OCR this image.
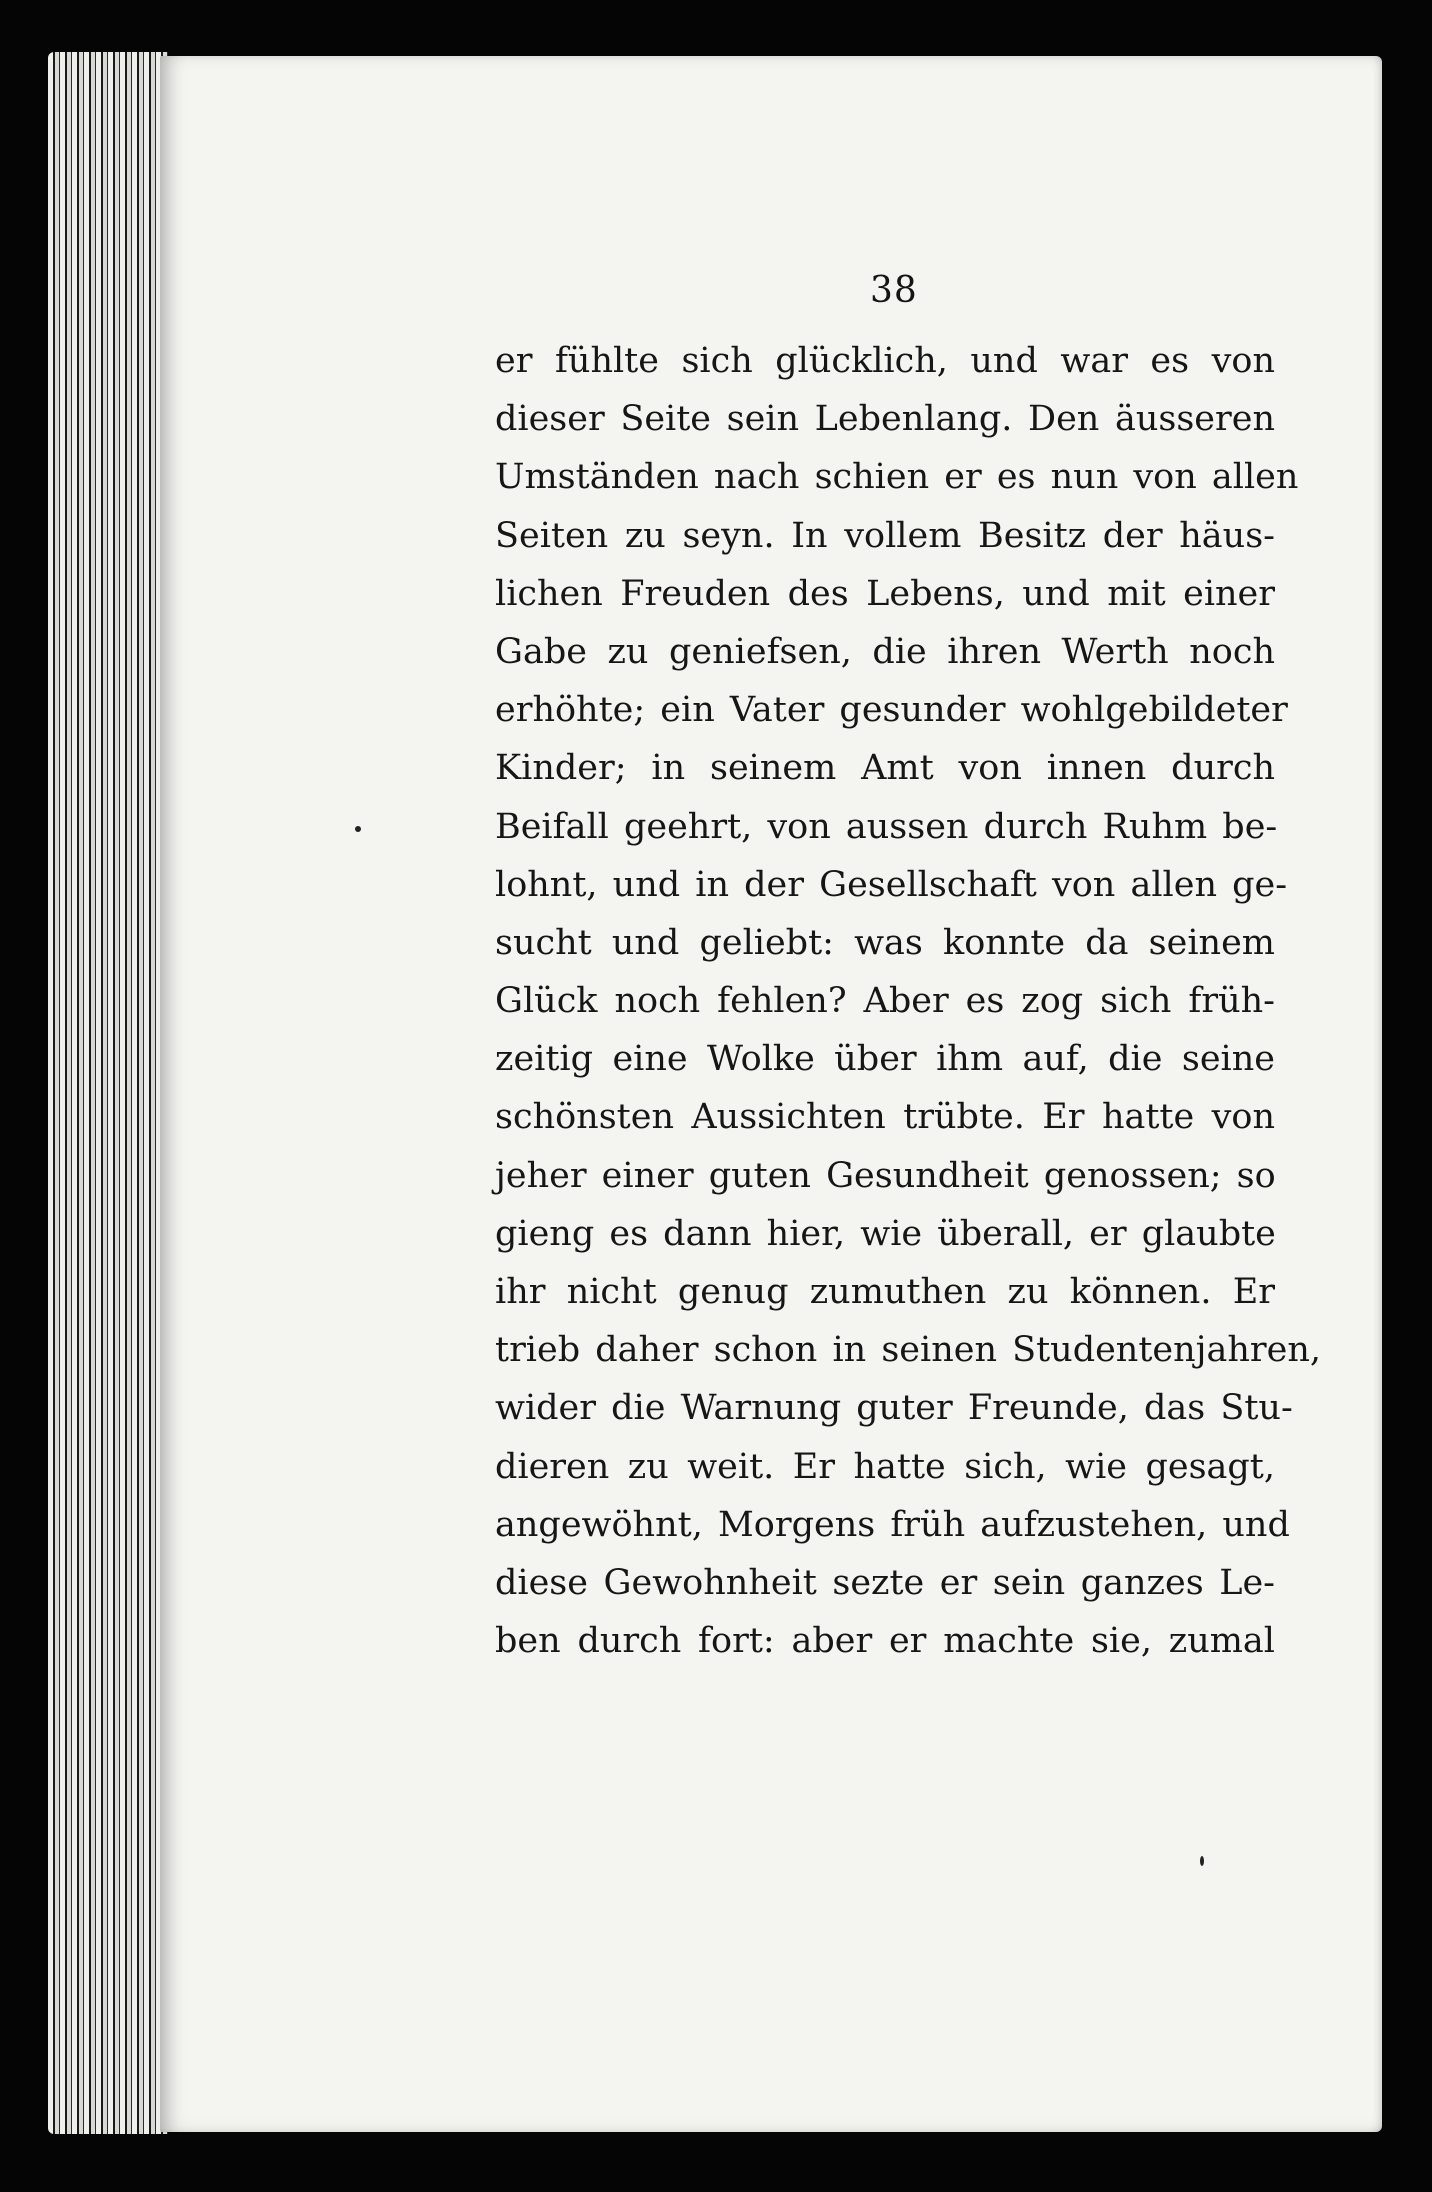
38
er fühlte sich glücklich, und war es von
dieser Seite sein Lebenlang. Den äusseren
Umständen nach schien er es nun von allen
Seiten zu seyn. In vollem Besitz der häus-
lichen Freuden des Lebens, und mit einer
Gabe zu geniefsen, die ihren Werth noch
erhöhte; ein Vater gesunder wohlgebildeter
Kinder; in seinem Amt von innen durch
Beifall geehrt, von aussen durch Ruhm be-
lohnt, und in der Gesellschaft von allen ge-
sucht und geliebt: was konnte da seinem
Glück noch fehlen? Aber es zog sich früh-
zeitig eine Wolke über ihm auf, die seine
schönsten Aussichten trübte. Er hatte von
jeher einer guten Gesundheit genossen; so
gieng es dann hier, wie überall, er glaubte
ihr nicht genug zumuthen zu können. Er
trieb daher schon in seinen Studentenjahren,
wider die Warnung guter Freunde, das Stu-
dieren zu weit. Er hatte sich, wie gesagt,
angewöhnt, Morgens früh aufzustehen, und
diese Gewohnheit sezte er sein ganzes Le-
ben durch fort: aber er machte sie, zumal
